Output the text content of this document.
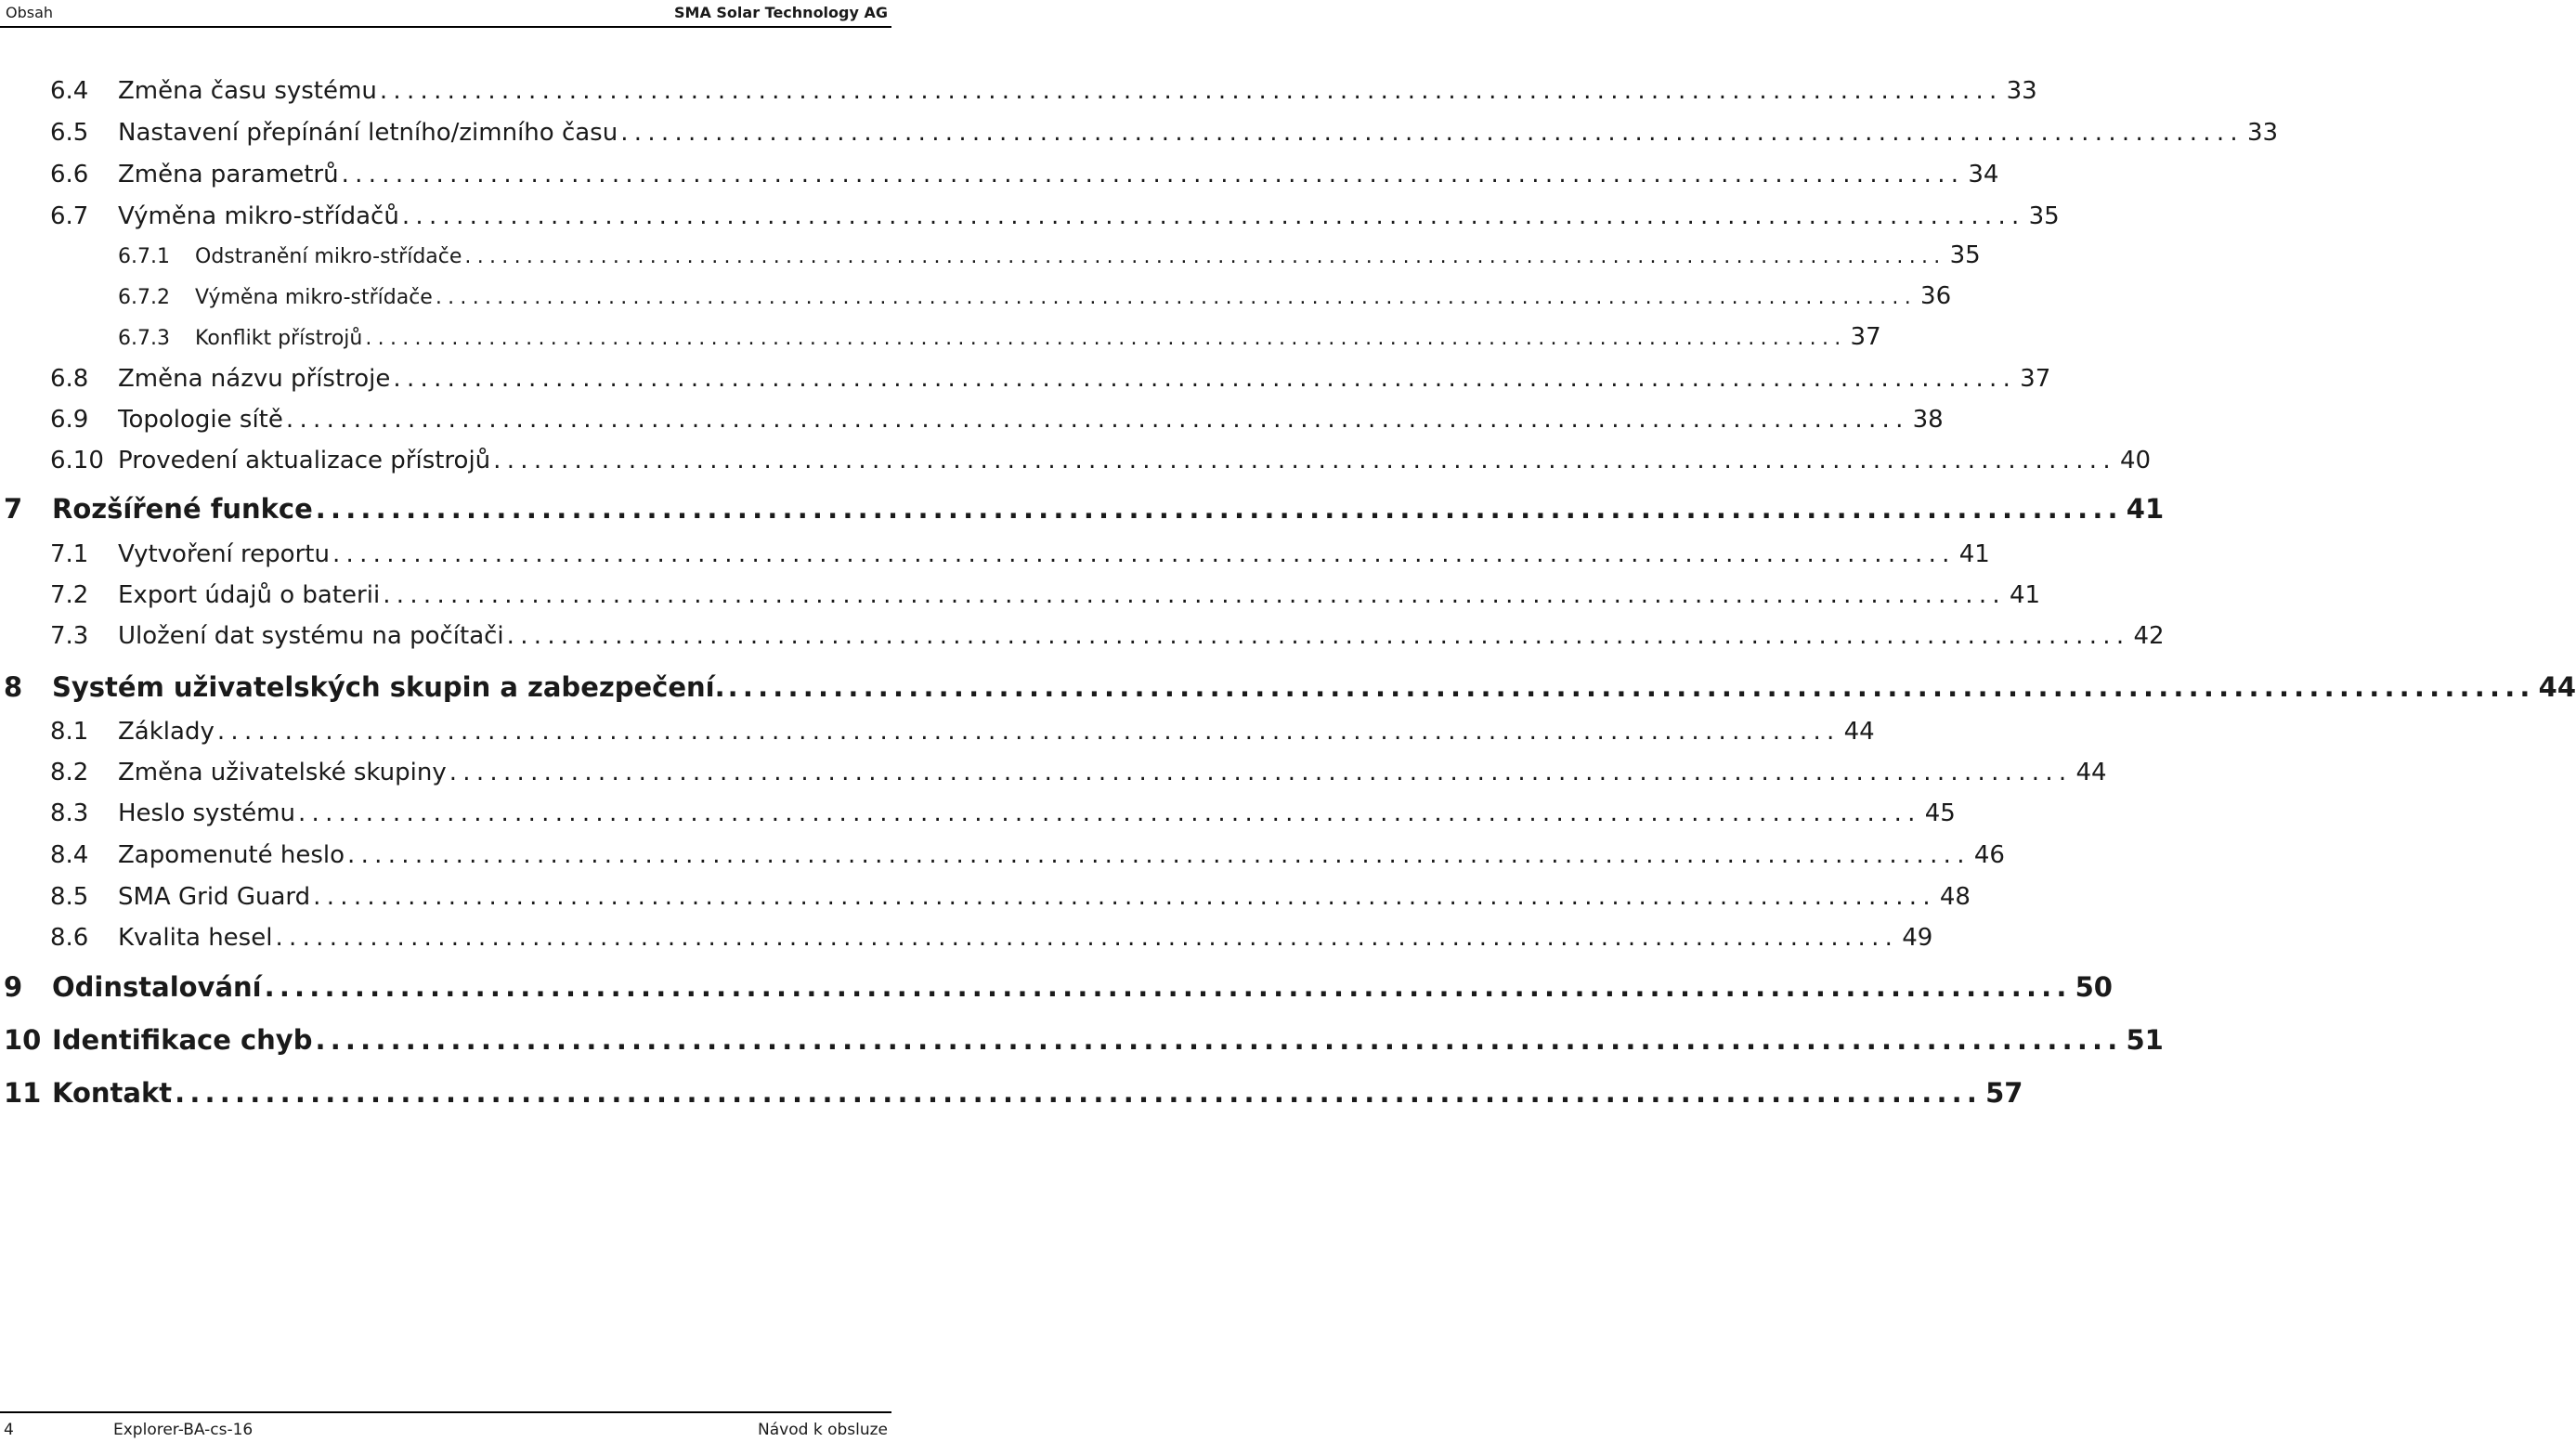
Obsah	SMA Solar Technology AG
6.4	Změna času systému ........................................................................................................................ 33
6.5	Nastavení přepínání letního/zimního času ........................................................................................................................ 33
6.6	Změna parametrů ........................................................................................................................ 34
6.7	Výměna mikro-střídačů ........................................................................................................................ 35
6.7.1	Odstranění mikro-střídače ........................................................................................................................ 35
6.7.2	Výměna mikro-střídače ........................................................................................................................ 36
6.7.3	Konflikt přístrojů ........................................................................................................................ 37
6.8	Změna názvu přístroje ........................................................................................................................ 37
6.9	Topologie sítě ........................................................................................................................ 38
6.10 Provedení aktualizace přístrojů ........................................................................................................................ 40
7	Rozšířené funkce ........................................................................................................................ 41
7.1	Vytvoření reportu ........................................................................................................................ 41
7.2	Export údajů o baterii ........................................................................................................................ 41
7.3	Uložení dat systému na počítači ........................................................................................................................ 42
8	Systém uživatelských skupin a zabezpečení. ........................................................................................................................ 44
8.1	Základy ........................................................................................................................ 44
8.2	Změna uživatelské skupiny ........................................................................................................................ 44
8.3	Heslo systému ........................................................................................................................ 45
8.4	Zapomenuté heslo ........................................................................................................................ 46
8.5	SMA Grid Guard ........................................................................................................................ 48
8.6	Kvalita hesel ........................................................................................................................ 49
9	Odinstalování ........................................................................................................................ 50
10 Identifikace chyb ........................................................................................................................ 51
11 Kontakt ........................................................................................................................ 57
4	Explorer-BA-cs-16	Návod k obsluze
